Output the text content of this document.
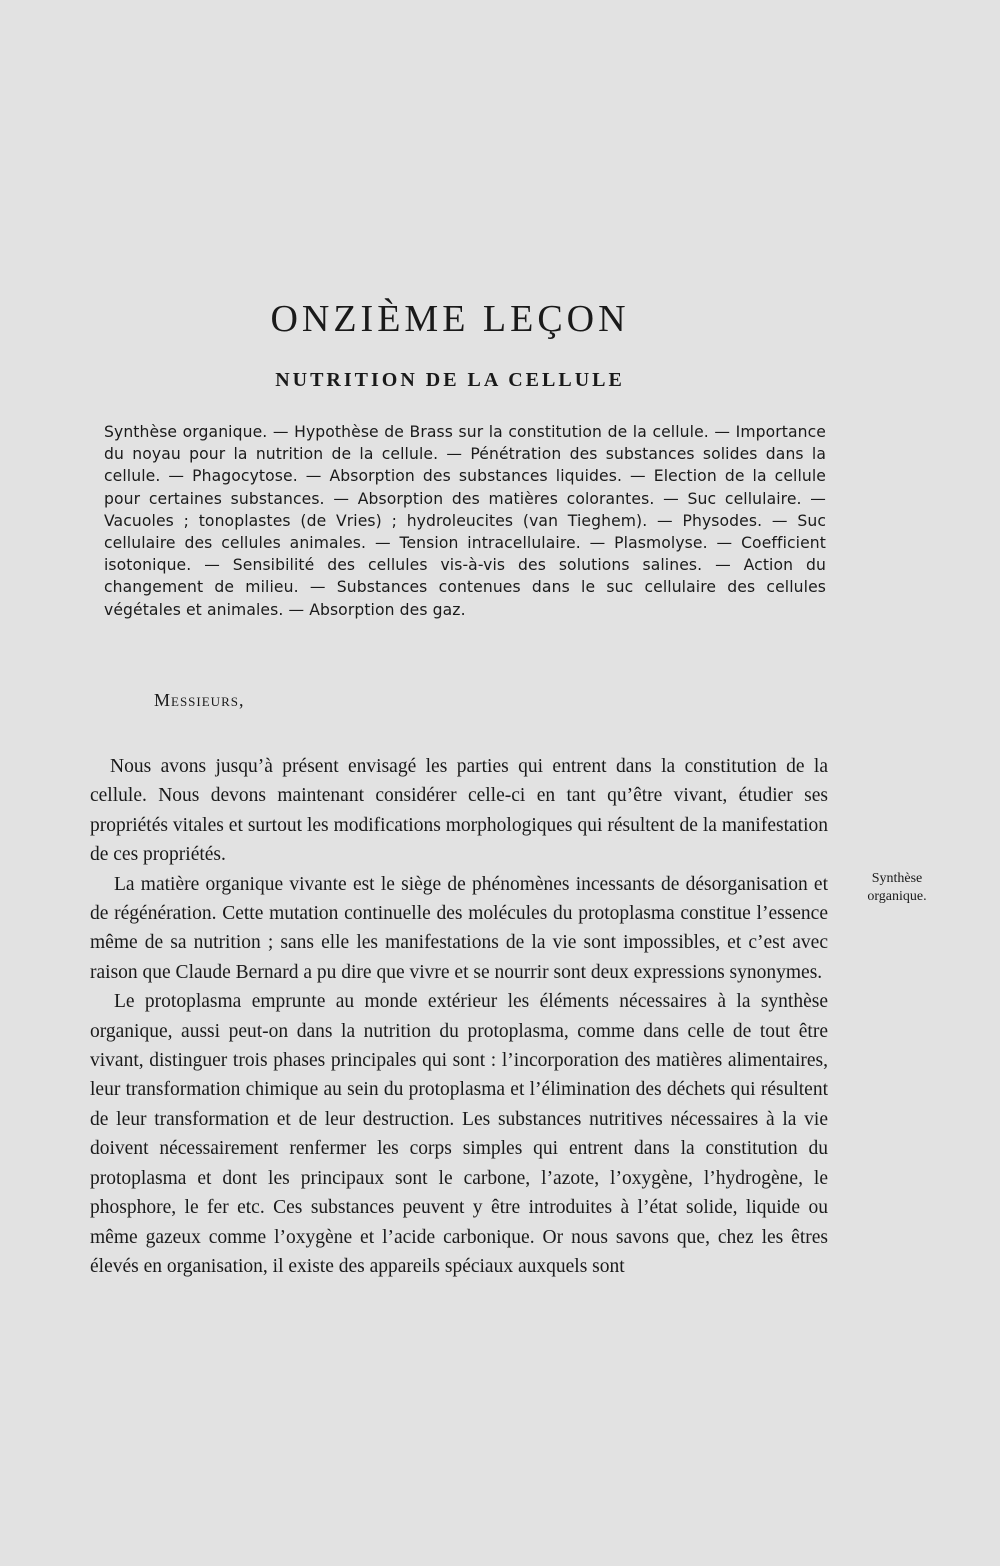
ONZIÈME LEÇON
NUTRITION DE LA CELLULE
Synthèse organique. — Hypothèse de Brass sur la constitution de la cellule. — Importance du noyau pour la nutrition de la cellule. — Pénétration des substances solides dans la cellule. — Phagocytose. — Absorption des substances liquides. — Election de la cellule pour certaines substances. — Absorption des matières colorantes. — Suc cellulaire. — Vacuoles ; tonoplastes (de Vries) ; hydroleucites (van Tieghem). — Physodes. — Suc cellulaire des cellules animales. — Tension intracellulaire. — Plasmolyse. — Coefficient isotonique. — Sensibilité des cellules vis-à-vis des solutions salines. — Action du changement de milieu. — Substances contenues dans le suc cellulaire des cellules végétales et animales. — Absorption des gaz.
Messieurs,

Nous avons jusqu’à présent envisagé les parties qui entrent dans la constitution de la cellule. Nous devons maintenant considérer celle-ci en tant qu’être vivant, étudier ses propriétés vitales et surtout les modifications morphologiques qui résultent de la manifestation de ces propriétés.

La matière organique vivante est le siège de phénomènes incessants de désorganisation et de régénération. Cette mutation continuelle des molécules du protoplasma constitue l’essence même de sa nutrition ; sans elle les manifestations de la vie sont impossibles, et c’est avec raison que Claude Bernard a pu dire que vivre et se nourrir sont deux expressions synonymes.

Le protoplasma emprunte au monde extérieur les éléments nécessaires à la synthèse organique, aussi peut-on dans la nutrition du protoplasma, comme dans celle de tout être vivant, distinguer trois phases principales qui sont : l’incorporation des matières alimentaires, leur transformation chimique au sein du protoplasma et l’élimination des déchets qui résultent de leur transformation et de leur destruction. Les substances nutritives nécessaires à la vie doivent nécessairement renfermer les corps simples qui entrent dans la constitution du protoplasma et dont les principaux sont le carbone, l’azote, l’oxygène, l’hydrogène, le phosphore, le fer etc. Ces substances peuvent y être introduites à l’état solide, liquide ou même gazeux comme l’oxygène et l’acide carbonique. Or nous savons que, chez les êtres élevés en organisation, il existe des appareils spéciaux auxquels sont

Synthèse organique.
